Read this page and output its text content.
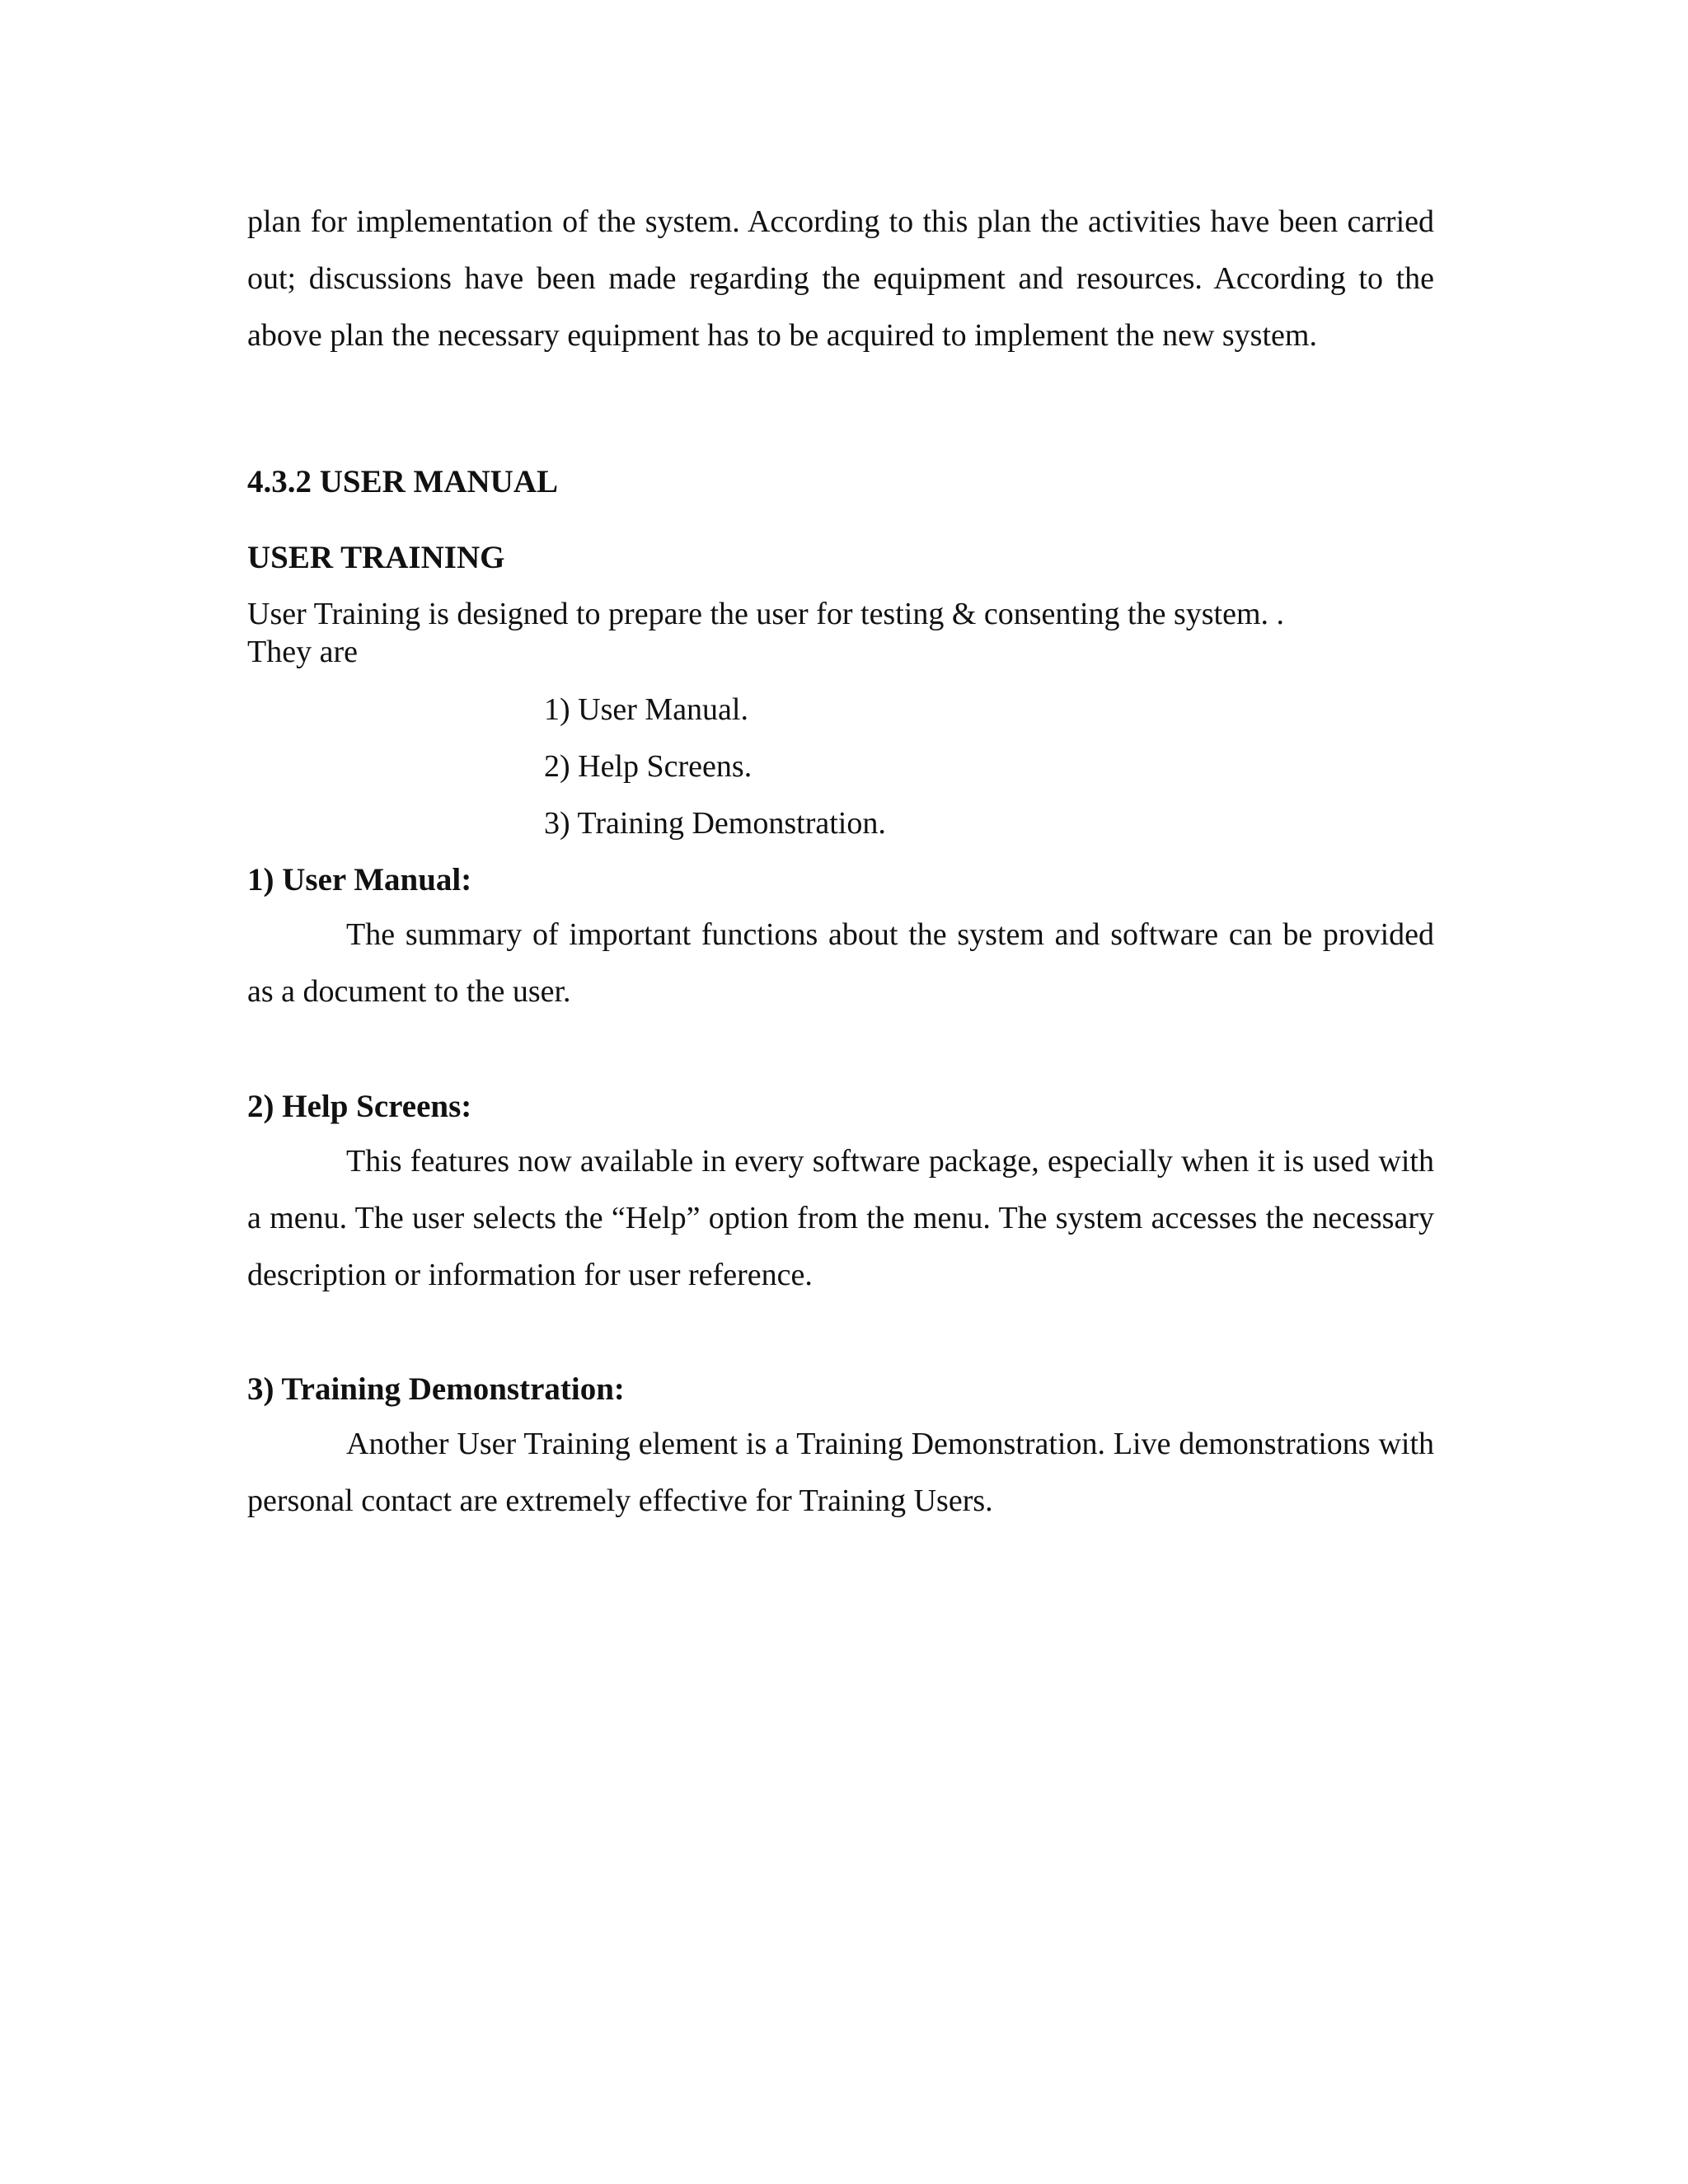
plan for implementation of the system. According to this plan the activities have been carried out; discussions have been made regarding the equipment and resources. According to the above plan the necessary equipment has to be acquired to implement the new system.

4.3.2 USER MANUAL
USER TRAINING
User Training is designed to prepare the user for testing & consenting the system. .
They are
1) User Manual.
2) Help Screens.
3) Training Demonstration.
1) User Manual:

The summary of important functions about the system and software can be provided as a document to the user.

2) Help Screens:

This features now available in every software package, especially when it is used with a menu. The user selects the “Help” option from the menu. The system accesses the necessary description or information for user reference.

3) Training Demonstration:

Another User Training element is a Training Demonstration. Live demonstrations with personal contact are extremely effective for Training Users.
